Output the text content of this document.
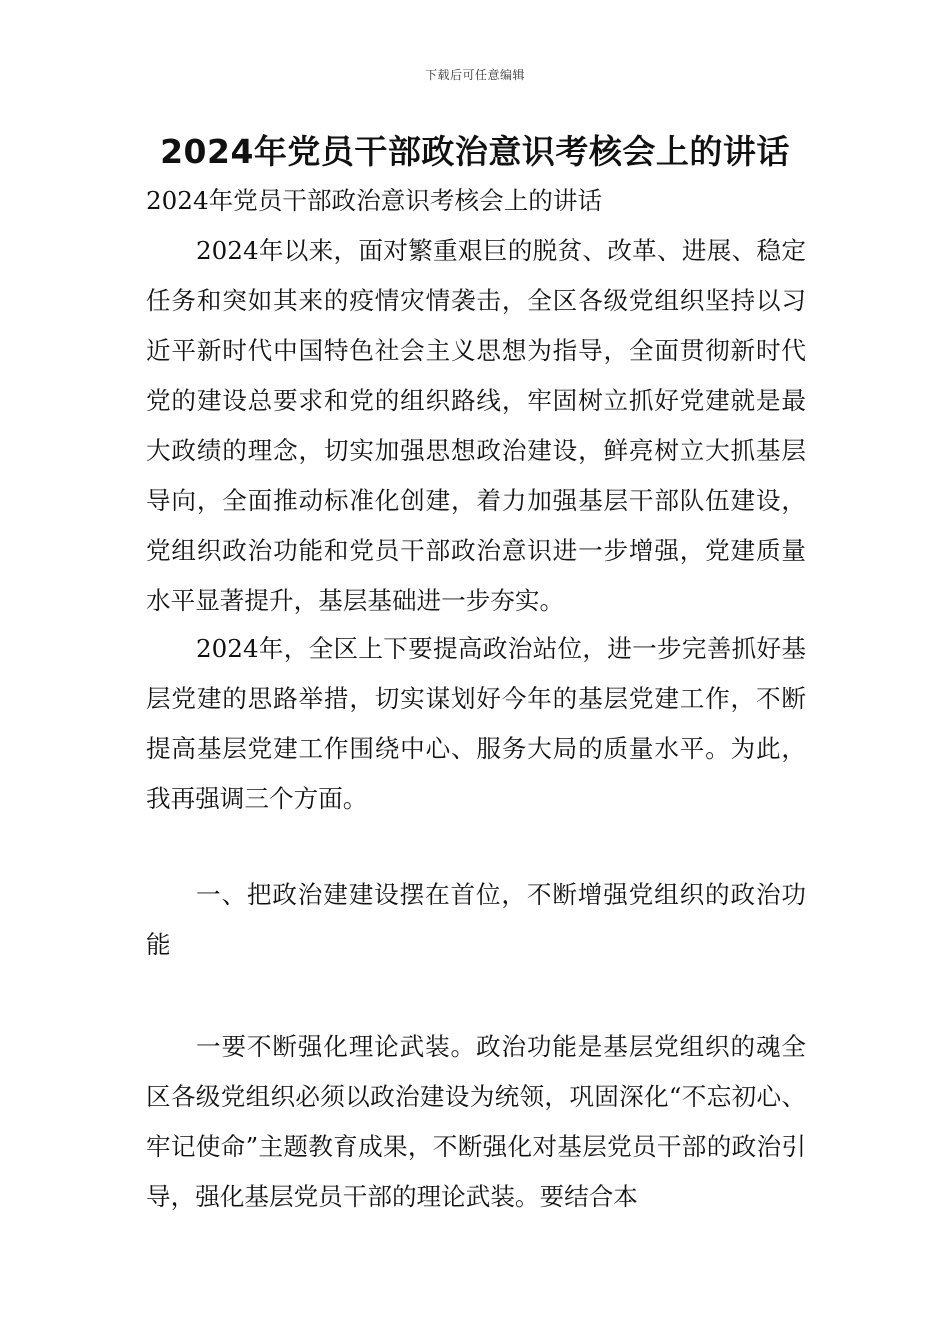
下载后可任意编辑
2024年党员干部政治意识考核会上的讲话
2024年党员干部政治意识考核会上的讲话

2024年以来，面对繁重艰巨的脱贫、改革、进展、稳定任务和突如其来的疫情灾情袭击，全区各级党组织坚持以习近平新时代中国特色社会主义思想为指导，全面贯彻新时代党的建设总要求和党的组织路线，牢固树立抓好党建就是最大政绩的理念，切实加强思想政治建设，鲜亮树立大抓基层导向，全面推动标准化创建，着力加强基层干部队伍建设，党组织政治功能和党员干部政治意识进一步增强，党建质量水平显著提升，基层基础进一步夯实。

2024年，全区上下要提高政治站位，进一步完善抓好基层党建的思路举措，切实谋划好今年的基层党建工作，不断提高基层党建工作围绕中心、服务大局的质量水平。为此，我再强调三个方面。

一、把政治建建设摆在首位，不断增强党组织的政治功能

一要不断强化理论武装。政治功能是基层党组织的魂全区各级党组织必须以政治建设为统领，巩固深化“不忘初心、牢记使命”主题教育成果，不断强化对基层党员干部的政治引导，强化基层党员干部的理论武装。要结合本
